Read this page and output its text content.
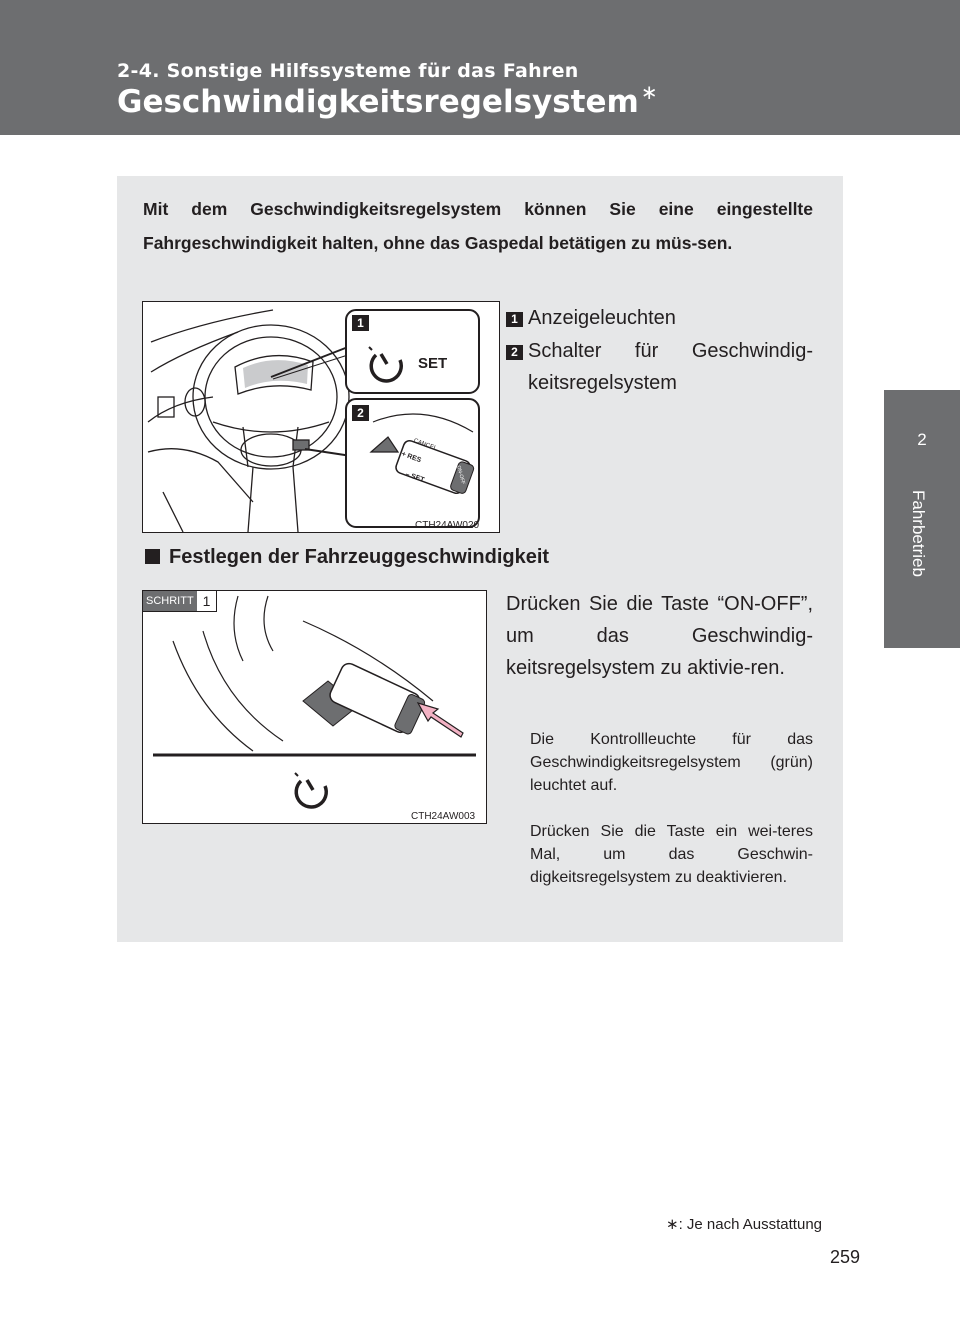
2-4. Sonstige Hilfssysteme für das Fahren
Geschwindigkeitsregelsystem ∗
2
Fahrbetrieb
Mit dem Geschwindigkeitsregelsystem können Sie eine eingestellte Fahrgeschwindigkeit halten, ohne das Gaspedal betätigen zu müs-sen.
1
SET
2
CANCEL
+ RES
– SET	ON-OFF
CTH24AW020
1 Anzeigeleuchten
2 Schalter für Geschwindig-keitsregelsystem
Festlegen der Fahrzeuggeschwindigkeit
SCHRITT 1
CTH24AW003
Drücken Sie die Taste “ON-OFF”, um das Geschwindig-keitsregelsystem zu aktivie-ren.
Die Kontrollleuchte für das Geschwindigkeitsregelsystem (grün) leuchtet auf.
Drücken Sie die Taste ein wei-teres Mal, um das Geschwin-digkeitsregelsystem zu deaktivieren.
∗: Je nach Ausstattung
259
